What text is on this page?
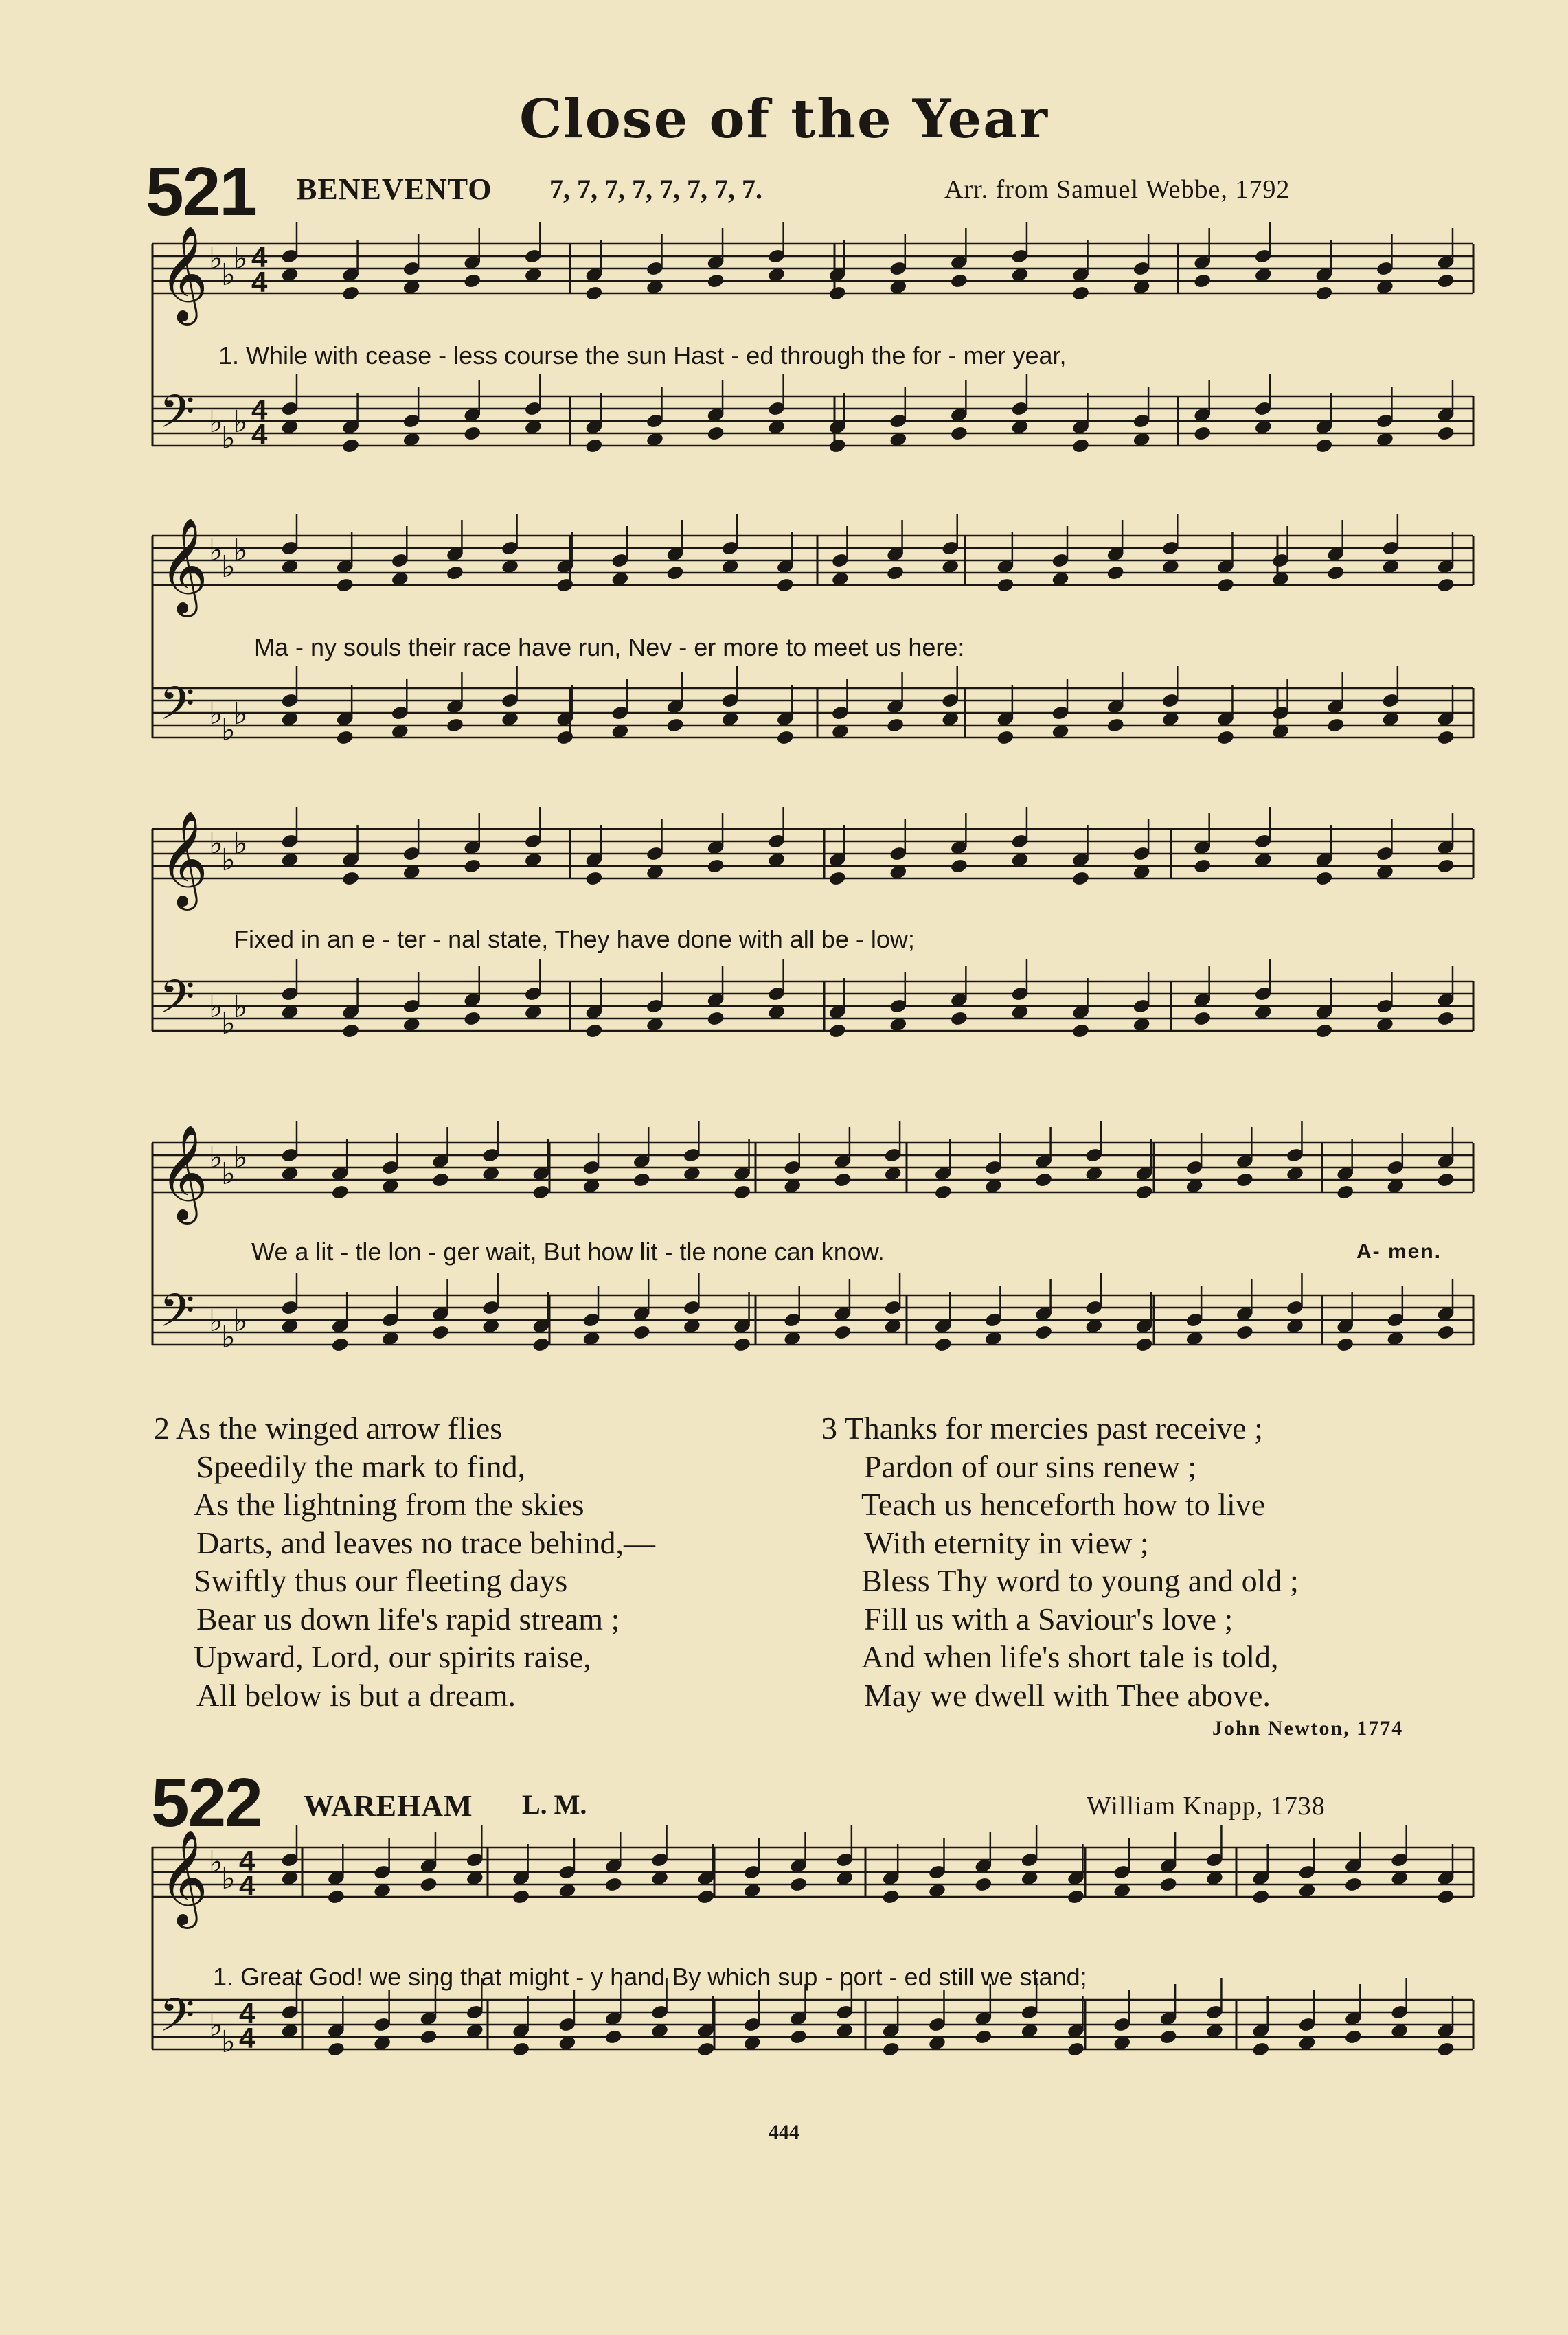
Close of the Year
521 BENEVENTO 7, 7, 7, 7, 7, 7, 7, 7.	Arr. from Samuel Webbe, 1792
𝄞 ♭
♭
♭ 4
4
𝄢 ♭
♭
♭ 4
4
1. While with cease - less course the sun Hast - ed through the for - mer year,
𝄞 ♭
♭
♭
𝄢 ♭
♭
♭
Ma - ny souls their race have run, Nev - er more to meet us here:
𝄞 ♭
♭
♭
𝄢 ♭
♭
♭
Fixed in an e - ter - nal state, They have done with all be - low;
𝄞 ♭
♭
♭
𝄢 ♭
♭
♭
We a lit - tle lon - ger wait, But how lit - tle none can know.	A- men.
2 As the winged arrow flies
Speedily the mark to find,
As the lightning from the skies
Darts, and leaves no trace behind,—
Swiftly thus our fleeting days
Bear us down life's rapid stream ;
Upward, Lord, our spirits raise,
All below is but a dream.
3 Thanks for mercies past receive ;
Pardon of our sins renew ;
Teach us henceforth how to live
With eternity in view ;
Bless Thy word to young and old ;
Fill us with a Saviour's love ;
And when life's short tale is told,
May we dwell with Thee above.
John Newton, 1774
522 WAREHAM L. M.	William Knapp, 1738
𝄞 ♭
♭
4
4
𝄢 ♭
♭
4
4
1. Great God! we sing that might - y hand By which sup - port - ed still we stand;
444
